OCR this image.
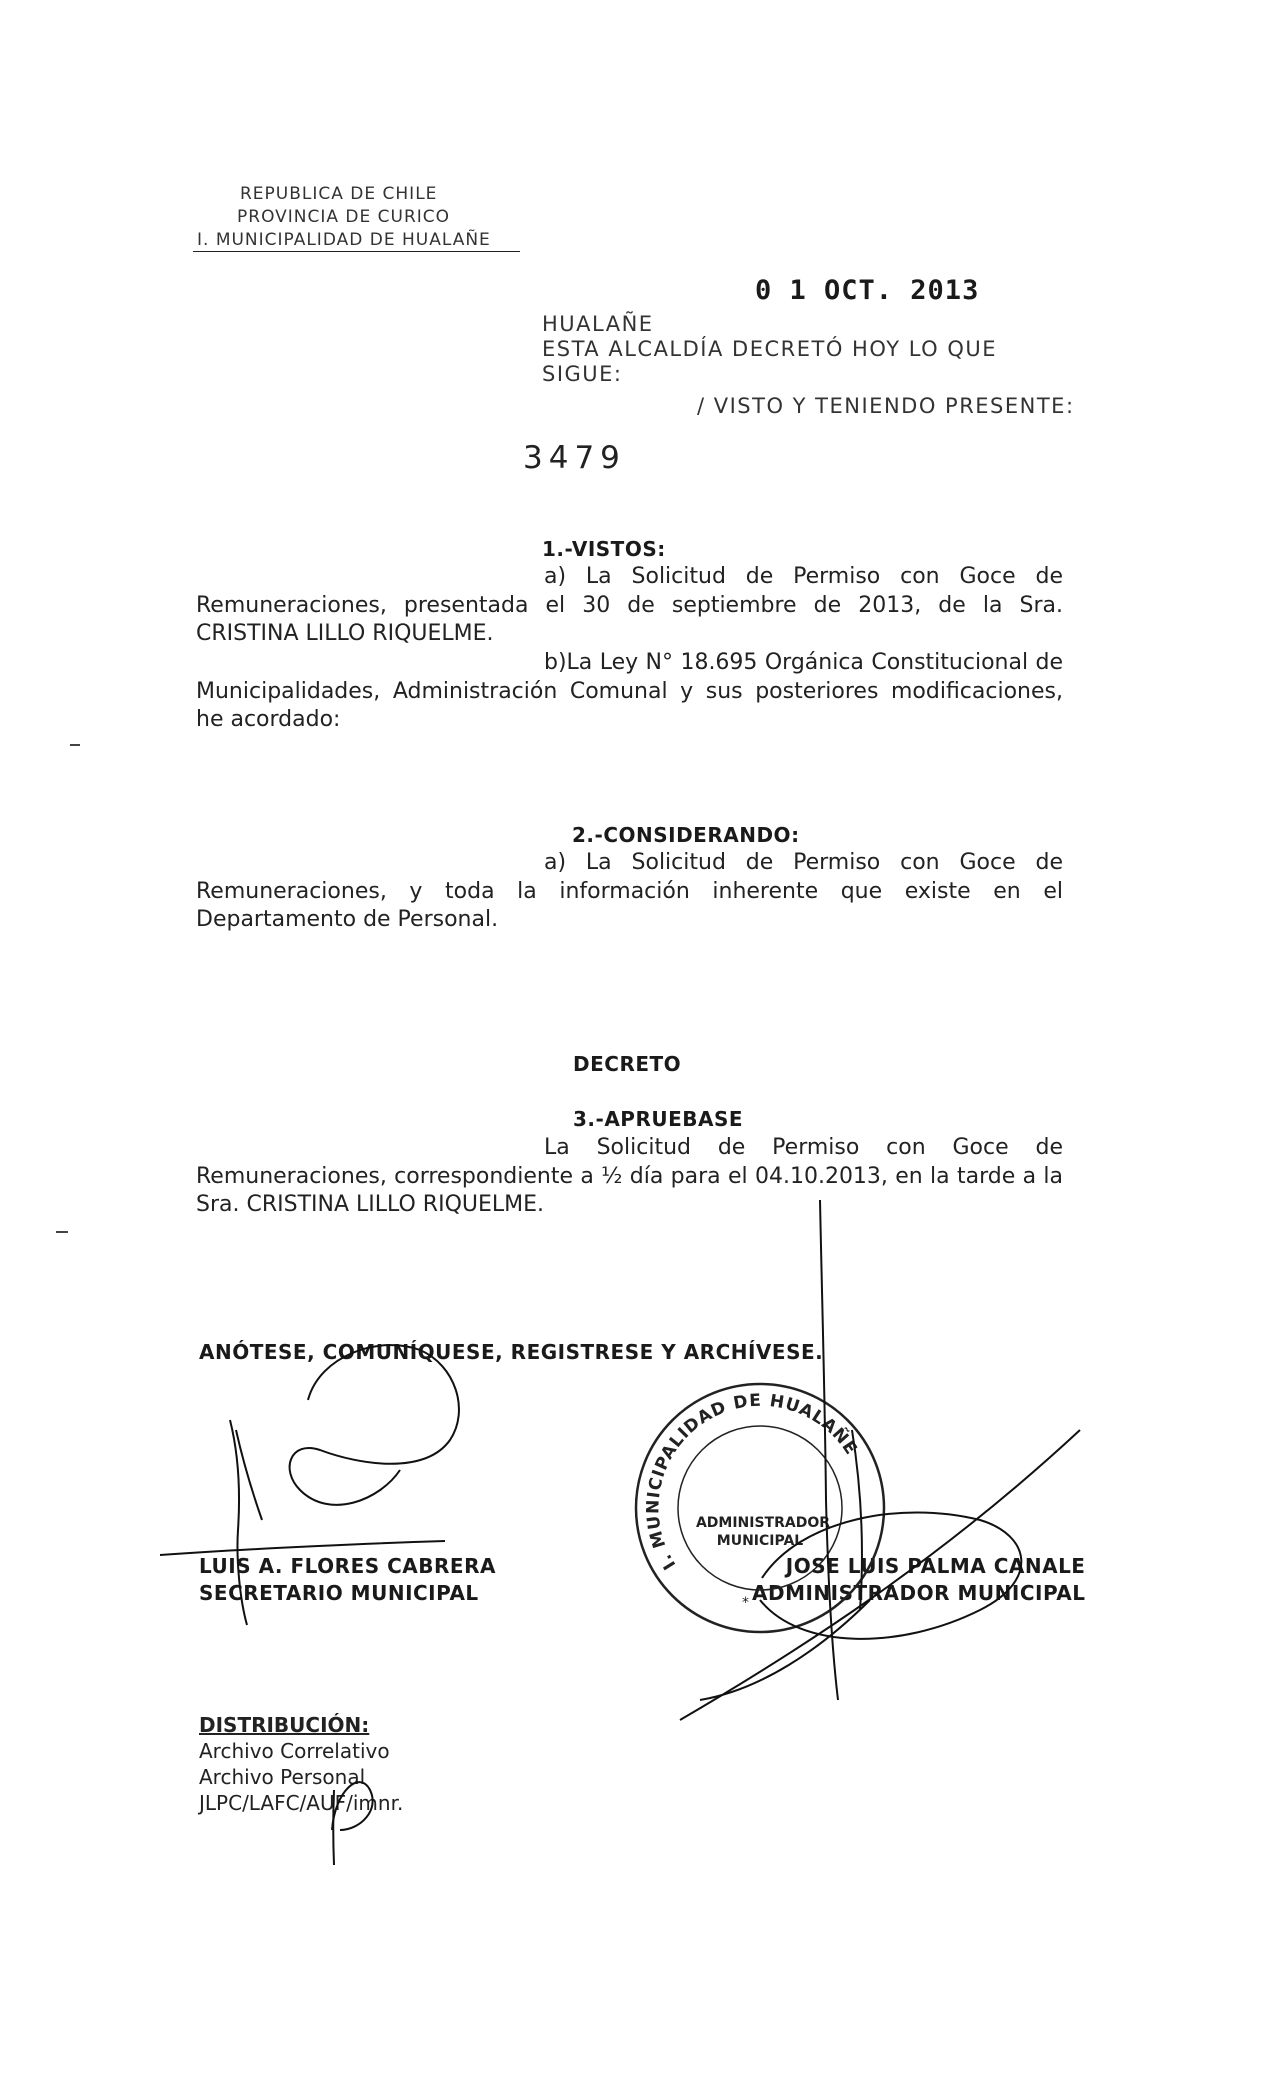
REPUBLICA DE CHILE
PROVINCIA DE CURICO
I. MUNICIPALIDAD DE HUALAÑE
0 1 OCT. 2013
HUALAÑE
ESTA ALCALDÍA DECRETÓ HOY LO QUE
SIGUE:
/ VISTO Y TENIENDO PRESENTE:
3479
1.-VISTOS:
a) La Solicitud de Permiso con Goce de Remuneraciones, presentada el 30 de septiembre de 2013, de la Sra. CRISTINA LILLO RIQUELME.
b)La Ley N° 18.695 Orgánica Constitucional de Municipalidades, Administración Comunal y sus posteriores modificaciones, he acordado:
2.-CONSIDERANDO:
a) La Solicitud de Permiso con Goce de Remuneraciones, y toda la información inherente que existe en el Departamento de Personal.
DECRETO
3.-APRUEBASE
La Solicitud de Permiso con Goce de Remuneraciones, correspondiente a ½ día para el 04.10.2013, en la tarde a la Sra. CRISTINA LILLO RIQUELME.
ANÓTESE, COMUNÍQUESE, REGISTRESE Y ARCHÍVESE.
LUIS A. FLORES CABRERA
SECRETARIO MUNICIPAL
JOSE LUIS PALMA CANALE
ADMINISTRADOR MUNICIPAL
DISTRIBUCIÓN:
Archivo Correlativo
Archivo Personal
JLPC/LAFC/AUF/imnr.
I. MUNICIPALIDAD DE HUALAÑE
ADMINISTRADOR
MUNICIPAL
*
